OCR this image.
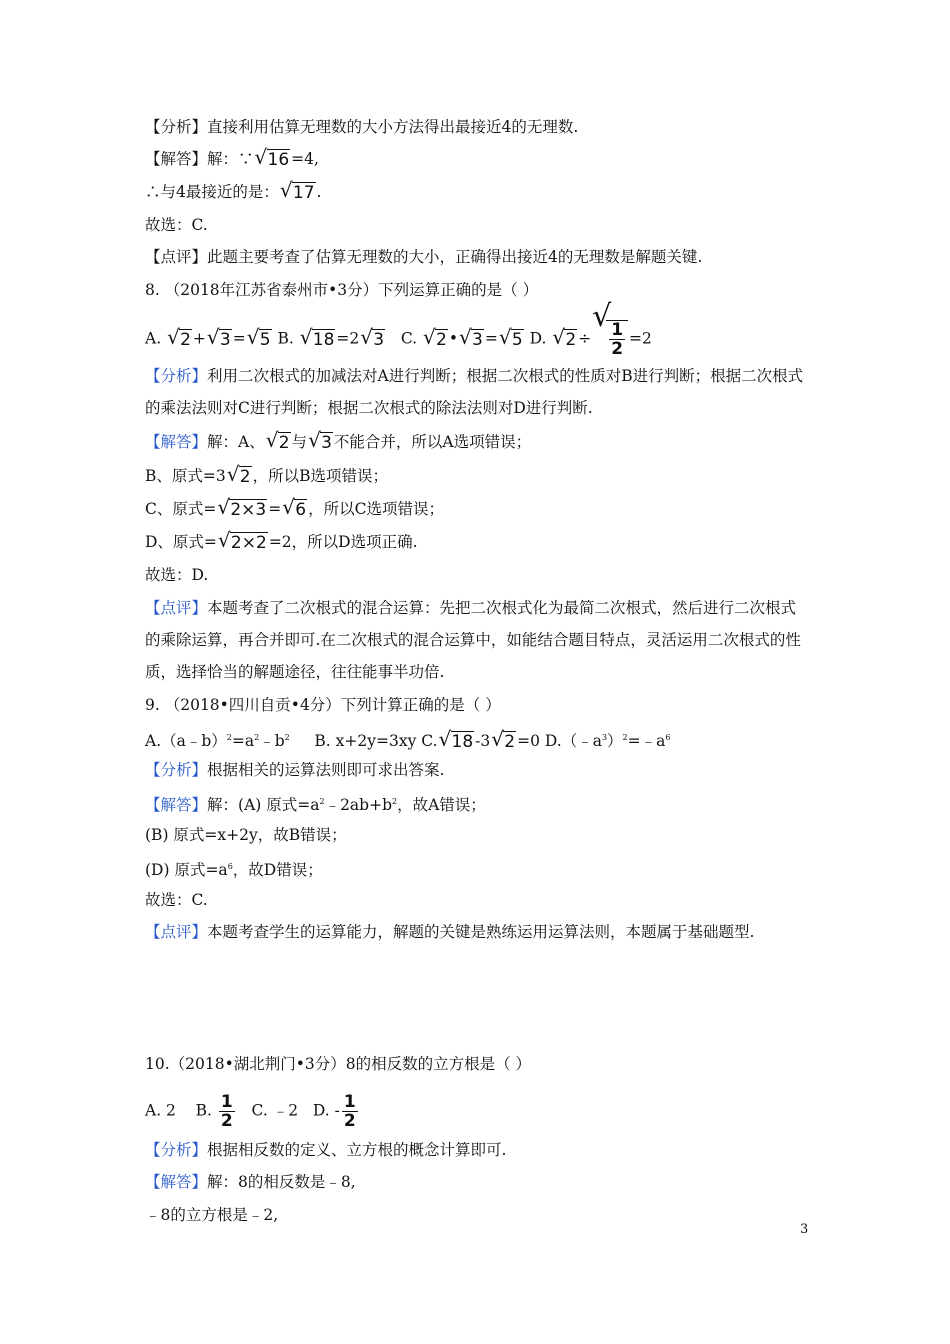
【分析】直接利用估算无理数的大小方法得出最接近4的无理数.
【解答】解：∵ √ 16 =4,
∴与4最接近的是： √ 17 .
故选：C.
【点评】此题主要考查了估算无理数的大小，正确得出接近4的无理数是解题关键.
8. （2018年江苏省泰州市•3分）下列运算正确的是（ ）
A. √ 2 + √ 3 = √ 5 B. √ 18 =2 √ 3 C. √ 2 • √ 3 = √ 5 D. √ 2 ÷
√
$\frac{1}{2} =2$
【分析】利用二次根式的加减法对A进行判断；根据二次根式的性质对B进行判断；根据二次根式的乘法法则对C进行判断；根据二次根式的除法法则对D进行判断.
【解答】解：A、 √ 2 与 √ 3 不能合并，所以A选项错误；
B、原式=3 √ 2 ，所以B选项错误；
C、原式= √ 2×3 = √ 6 ，所以C选项错误；
D、原式= √ 2×2 =2，所以D选项正确.
故选：D.
【点评】本题考查了二次根式的混合运算：先把二次根式化为最简二次根式，然后进行二次根式的乘除运算，再合并即可.在二次根式的混合运算中，如能结合题目特点，灵活运用二次根式的性质，选择恰当的解题途径，往往能事半功倍.
9. （2018•四川自贡•4分）下列计算正确的是（ ）
$A.(a﹣b)^2=a^2﹣b^2$ B. x+2y=3xy C. √ 18 -3 √ 2 =0 $D.(﹣a^3)^2=﹣a^6$
【分析】根据相关的运算法则即可求出答案.
【解答】解：(A) 原式$=a^2﹣2ab+b^2$，故A错误；
(B) 原式=x+2y，故B错误；
(D) 原式$=a^6$，故D错误；
故选：C.
【点评】本题考查学生的运算能力，解题的关键是熟练运用运算法则，本题属于基础题型.
10.（2018•湖北荆门•3分）8的相反数的立方根是（ ）
A. 2 B. $\frac{1}{2} C$. ﹣2 D. - $\frac{1}{2}$
【分析】根据相反数的定义、立方根的概念计算即可.
【解答】解：8的相反数是﹣8,
﹣8的立方根是﹣2,
3
